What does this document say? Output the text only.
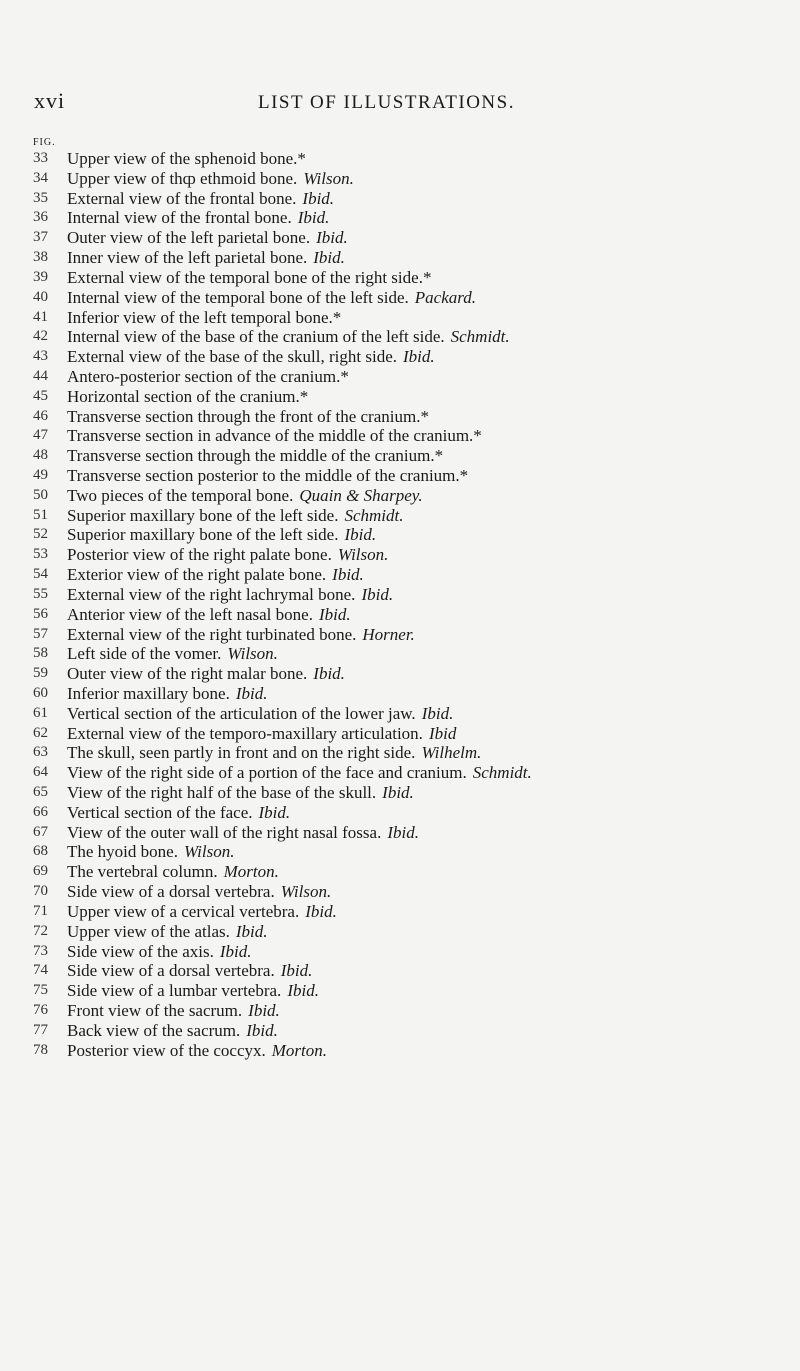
xvi	LIST OF ILLUSTRATIONS.
FIG.
33	Upper view of the sphenoid bone.*
34	Upper view of thȹ ethmoid bone. Wilson.
35	External view of the frontal bone. Ibid.
36	Internal view of the frontal bone. Ibid.
37	Outer view of the left parietal bone. Ibid.
38	Inner view of the left parietal bone. Ibid.
39	External view of the temporal bone of the right side.*
40	Internal view of the temporal bone of the left side. Packard.
41	Inferior view of the left temporal bone.*
42	Internal view of the base of the cranium of the left side. Schmidt.
43	External view of the base of the skull, right side. Ibid.
44	Antero-posterior section of the cranium.*
45	Horizontal section of the cranium.*
46	Transverse section through the front of the cranium.*
47	Transverse section in advance of the middle of the cranium.*
48	Transverse section through the middle of the cranium.*
49	Transverse section posterior to the middle of the cranium.*
50	Two pieces of the temporal bone. Quain & Sharpey.
51	Superior maxillary bone of the left side. Schmidt.
52	Superior maxillary bone of the left side. Ibid.
53	Posterior view of the right palate bone. Wilson.
54	Exterior view of the right palate bone. Ibid.
55	External view of the right lachrymal bone. Ibid.
56	Anterior view of the left nasal bone. Ibid.
57	External view of the right turbinated bone. Horner.
58	Left side of the vomer. Wilson.
59	Outer view of the right malar bone. Ibid.
60	Inferior maxillary bone. Ibid.
61	Vertical section of the articulation of the lower jaw. Ibid.
62	External view of the temporo-maxillary articulation. Ibid
63	The skull, seen partly in front and on the right side. Wilhelm.
64	View of the right side of a portion of the face and cranium. Schmidt.
65	View of the right half of the base of the skull. Ibid.
66	Vertical section of the face. Ibid.
67	View of the outer wall of the right nasal fossa. Ibid.
68	The hyoid bone. Wilson.
69	The vertebral column. Morton.
70	Side view of a dorsal vertebra. Wilson.
71	Upper view of a cervical vertebra. Ibid.
72	Upper view of the atlas. Ibid.
73	Side view of the axis. Ibid.
74	Side view of a dorsal vertebra. Ibid.
75	Side view of a lumbar vertebra. Ibid.
76	Front view of the sacrum. Ibid.
77	Back view of the sacrum. Ibid.
78	Posterior view of the coccyx. Morton.
